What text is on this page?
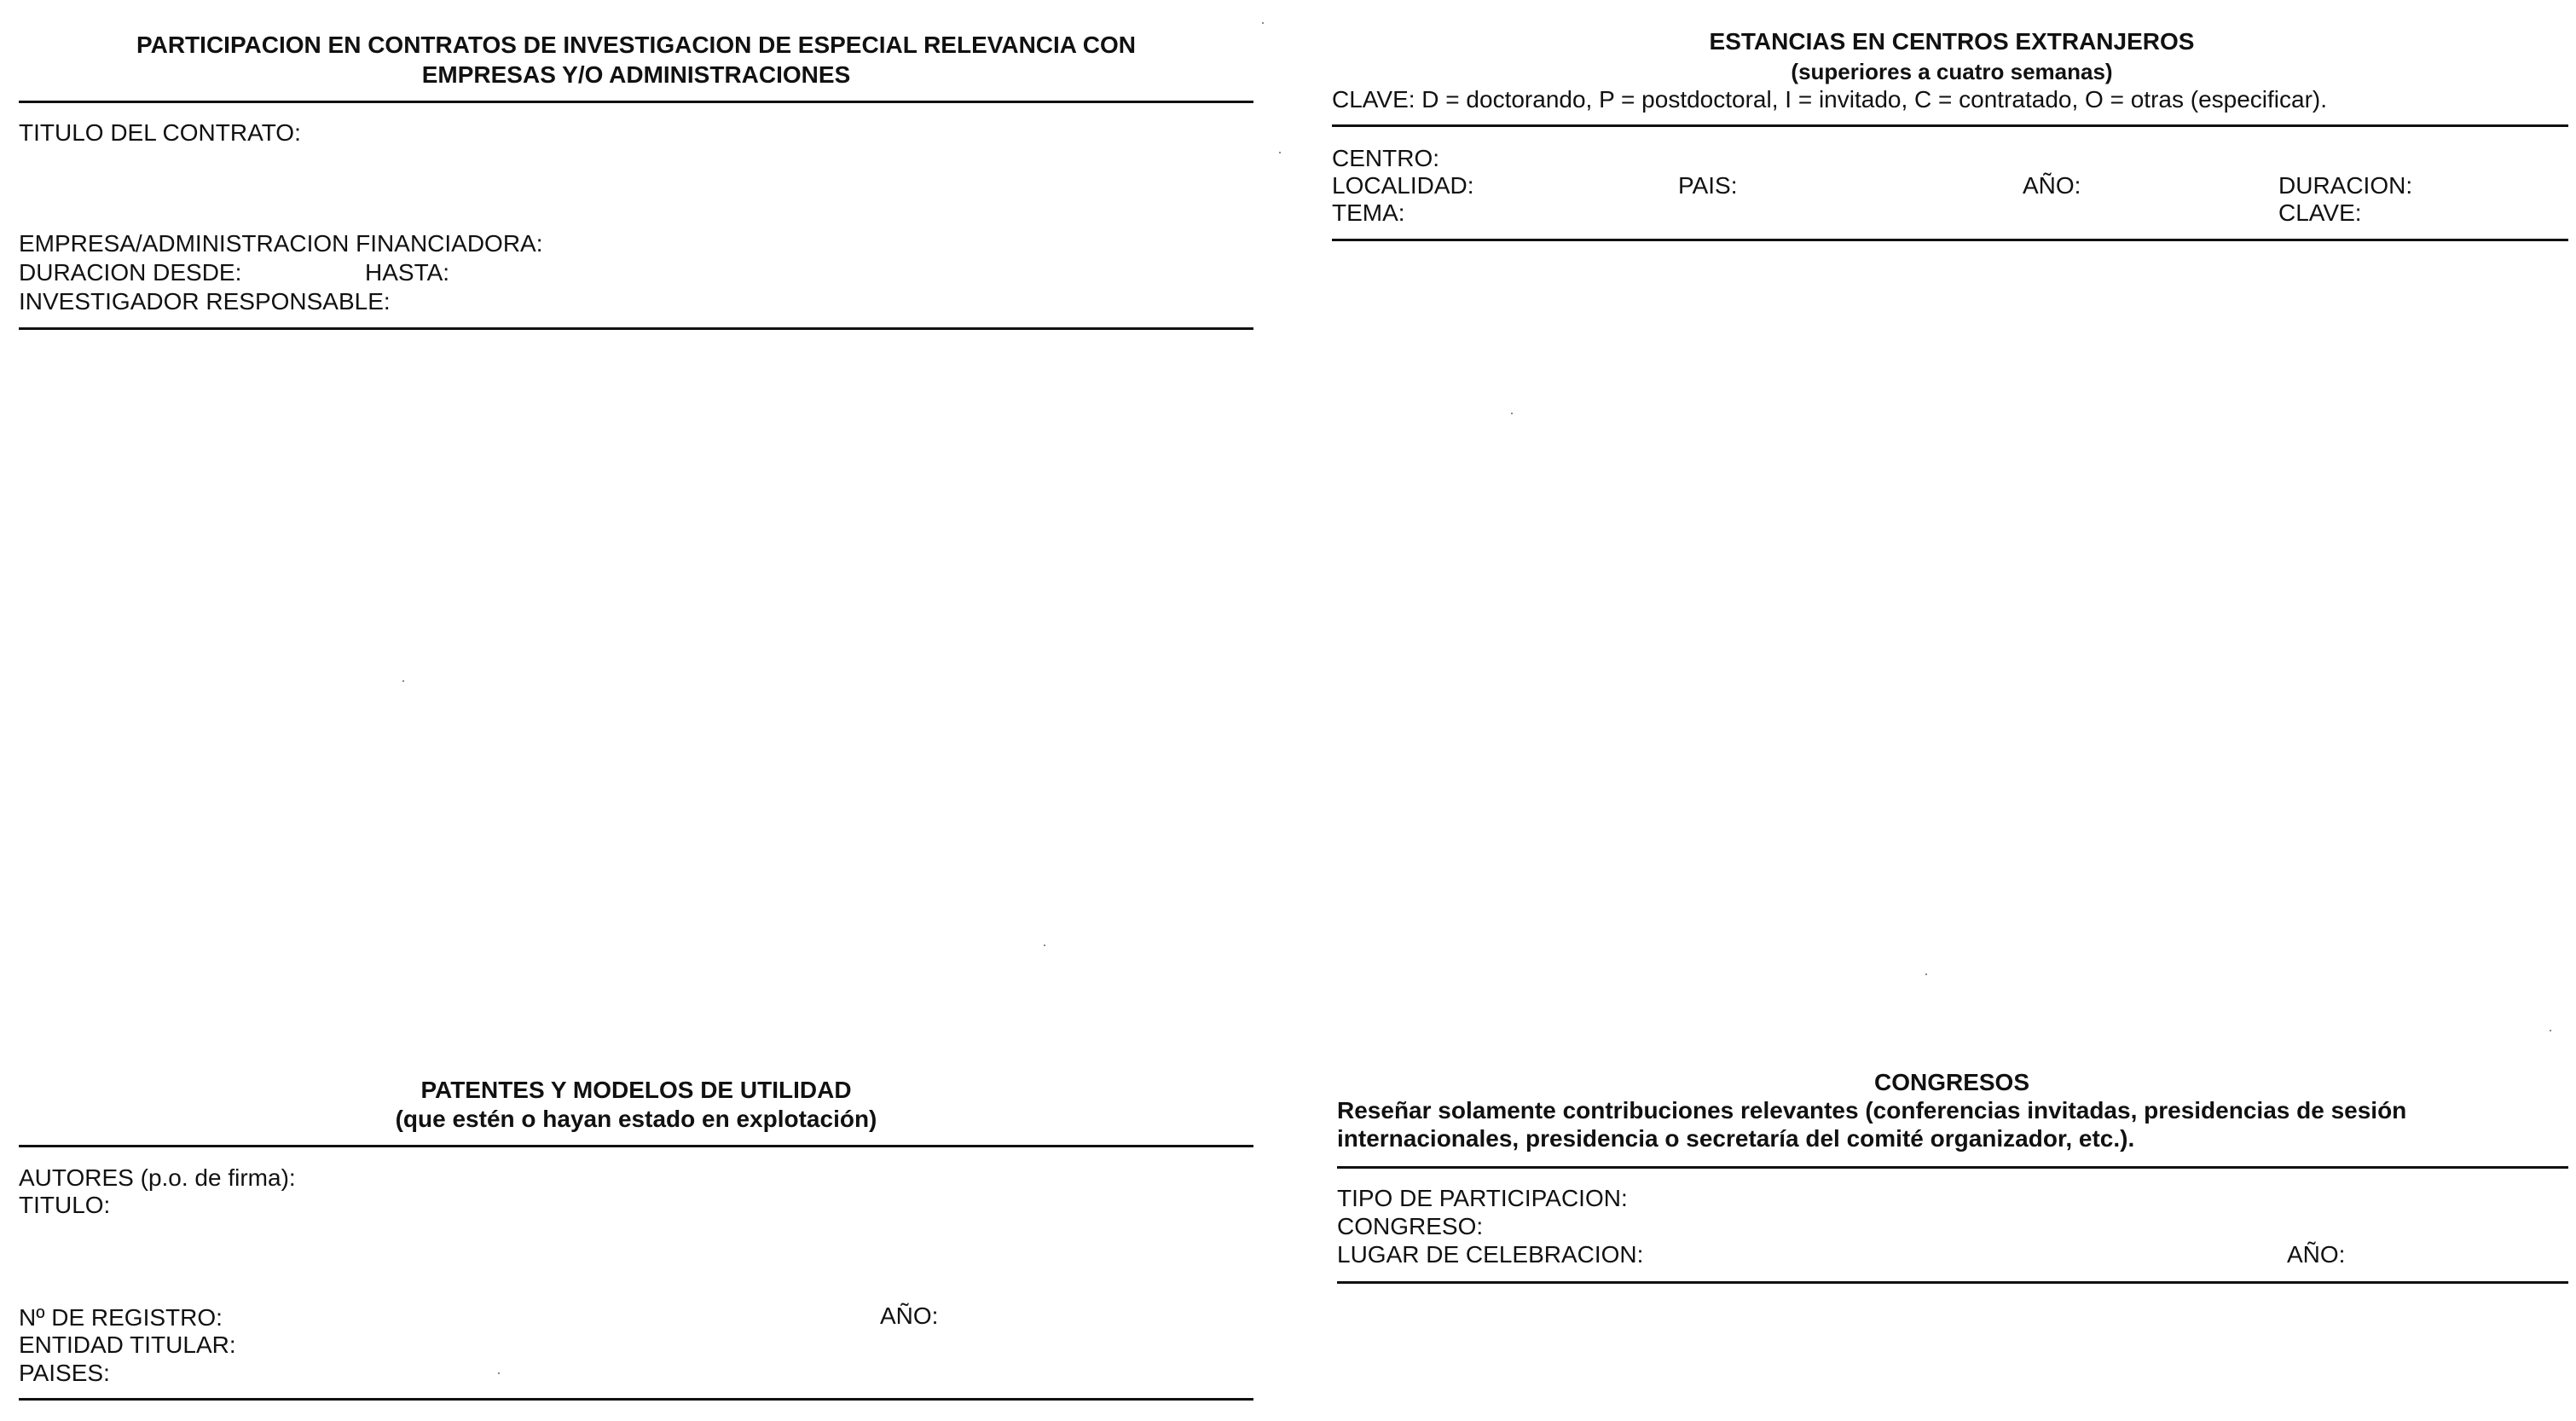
PARTICIPACION EN CONTRATOS DE INVESTIGACION DE ESPECIAL RELEVANCIA CON
EMPRESAS Y/O ADMINISTRACIONES
TITULO DEL CONTRATO:
EMPRESA/ADMINISTRACION FINANCIADORA:
DURACION DESDE:	HASTA:
INVESTIGADOR RESPONSABLE:
ESTANCIAS EN CENTROS EXTRANJEROS
(superiores a cuatro semanas)
CLAVE: D = doctorando, P = postdoctoral, I = invitado, C = contratado, O = otras (especificar).
CENTRO:
LOCALIDAD:	PAIS:	AÑO:	DURACION:
TEMA:	CLAVE:
PATENTES Y MODELOS DE UTILIDAD
(que estén o hayan estado en explotación)
AUTORES (p.o. de firma):
TITULO:
Nº DE REGISTRO:	AÑO:
ENTIDAD TITULAR:
PAISES:
CONGRESOS
Reseñar solamente contribuciones relevantes (conferencias invitadas, presidencias de sesión
internacionales, presidencia o secretaría del comité organizador, etc.).
TIPO DE PARTICIPACION:
CONGRESO:
LUGAR DE CELEBRACION:	AÑO:
